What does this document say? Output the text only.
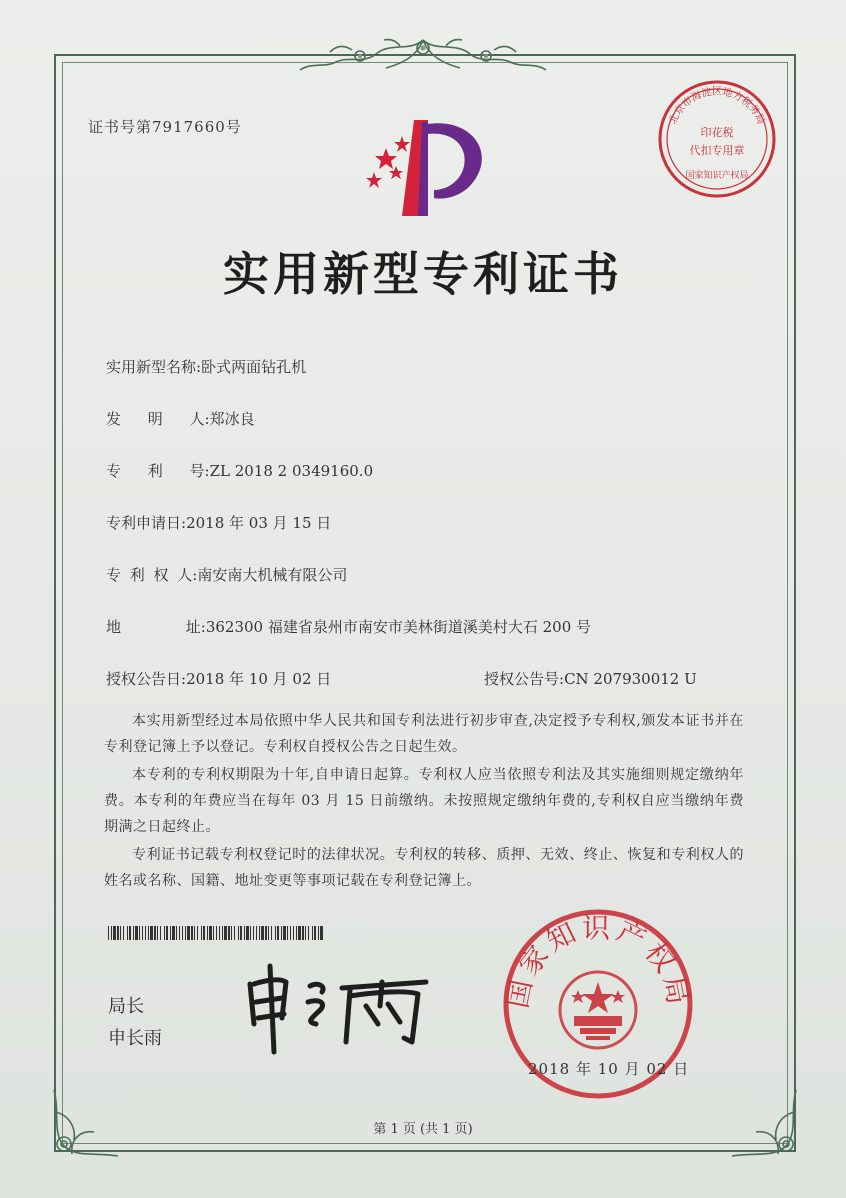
证书号第7917660号	北京市海淀区地方税务局
印花税
代扣专用章
国家知识产权局
实用新型专利证书
实用新型名称:卧式两面钻孔机
发 明 人:郑冰良
专 利 号:ZL 2018 2 0349160.0
专利申请日:2018 年 03 月 15 日
专 利 权 人:南安南大机械有限公司
地 址:362300 福建省泉州市南安市美林街道溪美村大石 200 号
授权公告日:2018 年 10 月 02 日	授权公告号:CN 207930012 U
本实用新型经过本局依照中华人民共和国专利法进行初步审查,决定授予专利权,颁发本证书并在专利登记簿上予以登记。专利权自授权公告之日起生效。
本专利的专利权期限为十年,自申请日起算。专利权人应当依照专利法及其实施细则规定缴纳年费。本专利的年费应当在每年 03 月 15 日前缴纳。未按照规定缴纳年费的,专利权自应当缴纳年费期满之日起终止。
专利证书记载专利权登记时的法律状况。专利权的转移、质押、无效、终止、恢复和专利权人的姓名或名称、国籍、地址变更等事项记载在专利登记簿上。
局长
申长雨
国家知识产权局
2018 年 10 月 02 日
第 1 页 (共 1 页)
